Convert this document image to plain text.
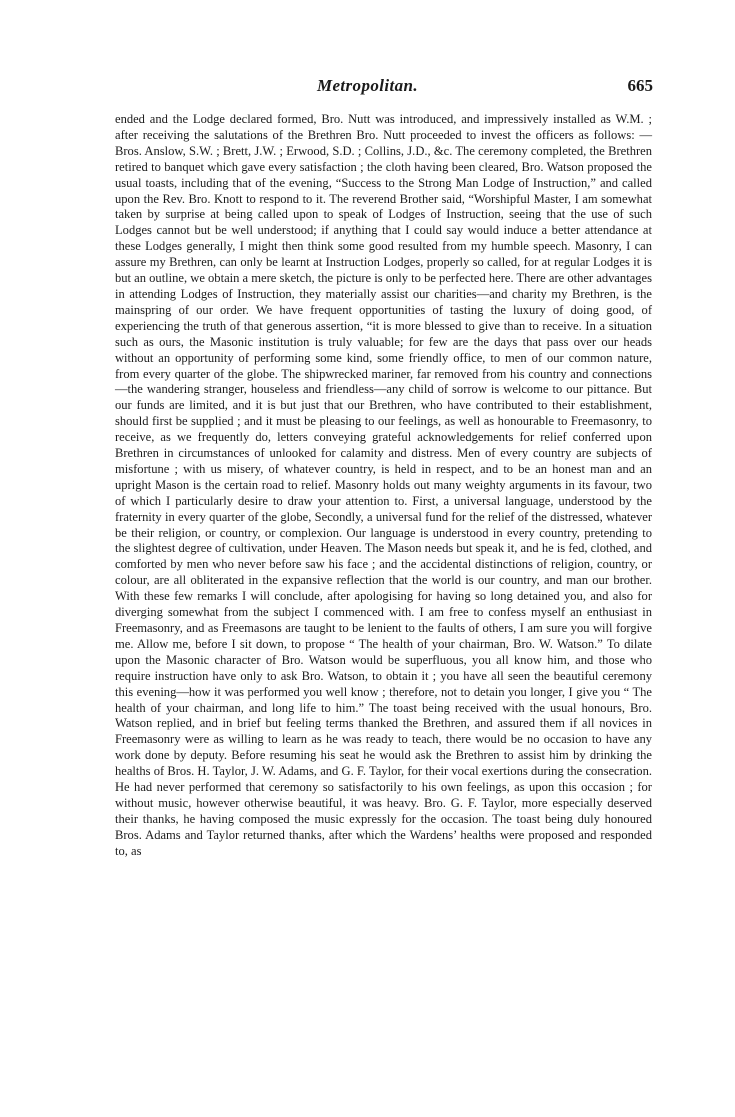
Metropolitan.	665

ended and the Lodge declared formed, Bro. Nutt was introduced, and impressively installed as W.M. ; after receiving the salutations of the Brethren Bro. Nutt proceeded to invest the officers as follows: — Bros. Anslow, S.W. ; Brett, J.W. ; Erwood, S.D. ; Collins, J.D., &c. The ceremony completed, the Brethren retired to banquet which gave every satisfaction ; the cloth having been cleared, Bro. Watson proposed the usual toasts, including that of the evening, “Success to the Strong Man Lodge of Instruction,” and called upon the Rev. Bro. Knott to respond to it. The reverend Brother said, “Worshipful Master, I am somewhat taken by surprise at being called upon to speak of Lodges of Instruction, seeing that the use of such Lodges cannot but be well understood; if anything that I could say would induce a better attendance at these Lodges generally, I might then think some good resulted from my humble speech. Masonry, I can assure my Brethren, can only be learnt at Instruction Lodges, properly so called, for at regular Lodges it is but an outline, we obtain a mere sketch, the picture is only to be perfected here. There are other advantages in attending Lodges of Instruction, they materially assist our charities—and charity my Brethren, is the mainspring of our order. We have frequent opportunities of tasting the luxury of doing good, of experiencing the truth of that generous assertion, “it is more blessed to give than to receive. In a situation such as ours, the Masonic institution is truly valuable; for few are the days that pass over our heads without an opportunity of performing some kind, some friendly office, to men of our common nature, from every quarter of the globe. The shipwrecked mariner, far removed from his country and connections—the wandering stranger, houseless and friendless—any child of sorrow is welcome to our pittance. But our funds are limited, and it is but just that our Brethren, who have contributed to their establishment, should first be supplied ; and it must be pleasing to our feelings, as well as honourable to Freemasonry, to receive, as we frequently do, letters conveying grateful acknowledgements for relief conferred upon Brethren in circumstances of unlooked for calamity and distress. Men of every country are subjects of misfortune ; with us misery, of whatever country, is held in respect, and to be an honest man and an upright Mason is the certain road to relief. Masonry holds out many weighty arguments in its favour, two of which I particularly desire to draw your attention to. First, a universal language, understood by the fraternity in every quarter of the globe, Secondly, a universal fund for the relief of the distressed, whatever be their religion, or country, or complexion. Our language is understood in every country, pretending to the slightest degree of cultivation, under Heaven. The Mason needs but speak it, and he is fed, clothed, and comforted by men who never before saw his face ; and the accidental distinctions of religion, country, or colour, are all obliterated in the expansive reflection that the world is our country, and man our brother. With these few remarks I will conclude, after apologising for having so long detained you, and also for diverging somewhat from the subject I commenced with. I am free to confess myself an enthusiast in Freemasonry, and as Freemasons are taught to be lenient to the faults of others, I am sure you will forgive me. Allow me, before I sit down, to propose “ The health of your chairman, Bro. W. Watson.” To dilate upon the Masonic character of Bro. Watson would be superfluous, you all know him, and those who require instruction have only to ask Bro. Watson, to obtain it ; you have all seen the beautiful ceremony this evening—how it was performed you well know ; therefore, not to detain you longer, I give you “ The health of your chairman, and long life to him.” The toast being received with the usual honours, Bro. Watson replied, and in brief but feeling terms thanked the Brethren, and assured them if all novices in Freemasonry were as willing to learn as he was ready to teach, there would be no occasion to have any work done by deputy. Before resuming his seat he would ask the Brethren to assist him by drinking the healths of Bros. H. Taylor, J. W. Adams, and G. F. Taylor, for their vocal exertions during the consecration. He had never performed that ceremony so satisfactorily to his own feelings, as upon this occasion ; for without music, however otherwise beautiful, it was heavy. Bro. G. F. Taylor, more especially deserved their thanks, he having composed the music expressly for the occasion. The toast being duly honoured Bros. Adams and Taylor returned thanks, after which the Wardens’ healths were proposed and responded to, as
